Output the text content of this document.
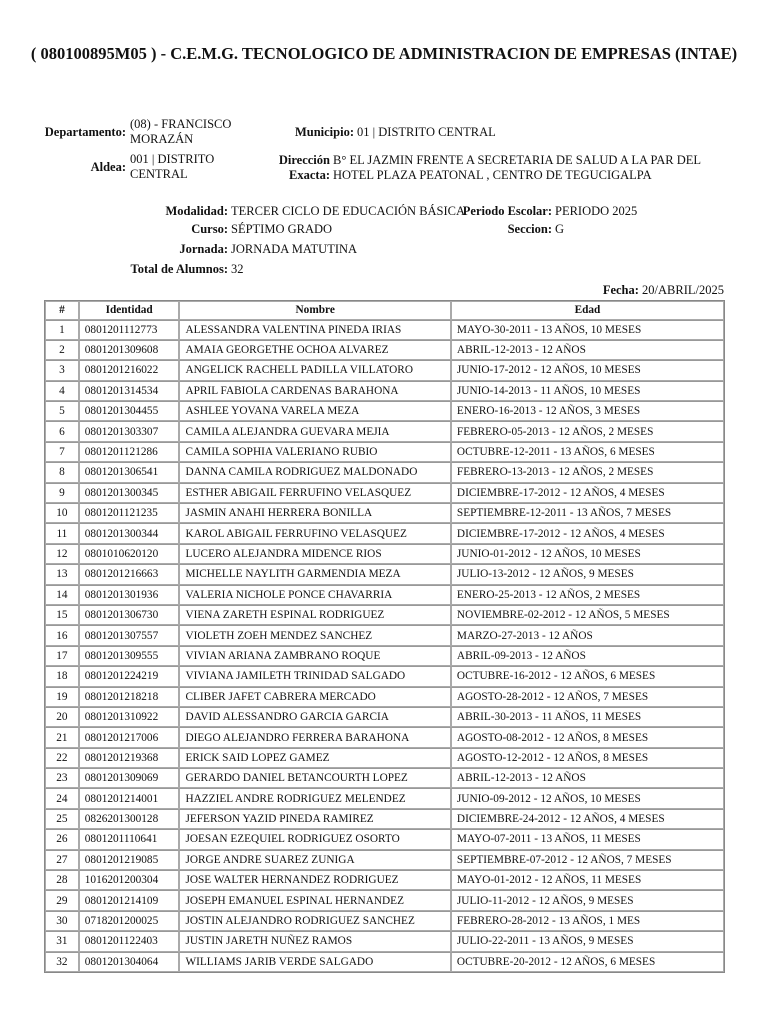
( 080100895M05 ) - C.E.M.G. TECNOLOGICO DE ADMINISTRACION DE EMPRESAS (INTAE)
Departamento:
(08) - FRANCISCO MORAZÁN	Municipio: 01 | DISTRITO CENTRAL
Aldea:
001 | DISTRITO CENTRAL
Dirección
Exacta:
B° EL JAZMIN FRENTE A SECRETARIA DE SALUD A LA PAR DEL
HOTEL PLAZA PEATONAL , CENTRO DE TEGUCIGALPA
Modalidad: TERCER CICLO DE EDUCACIÓN BÁSICA
Periodo Escolar: PERIODO 2025
Curso: SÉPTIMO GRADO	Seccion: G
Jornada: JORNADA MATUTINA
Total de Alumnos: 32
Fecha: 20/ABRIL/2025
#	Identidad	Nombre	Edad
1	0801201112773	ALESSANDRA VALENTINA PINEDA IRIAS	MAYO-30-2011 - 13 AÑOS, 10 MESES
2	0801201309608	AMAIA GEORGETHE OCHOA ALVAREZ	ABRIL-12-2013 - 12 AÑOS
3	0801201216022	ANGELICK RACHELL PADILLA VILLATORO	JUNIO-17-2012 - 12 AÑOS, 10 MESES
4	0801201314534	APRIL FABIOLA CARDENAS BARAHONA	JUNIO-14-2013 - 11 AÑOS, 10 MESES
5	0801201304455	ASHLEE YOVANA VARELA MEZA	ENERO-16-2013 - 12 AÑOS, 3 MESES
6	0801201303307	CAMILA ALEJANDRA GUEVARA MEJIA	FEBRERO-05-2013 - 12 AÑOS, 2 MESES
7	0801201121286	CAMILA SOPHIA VALERIANO RUBIO	OCTUBRE-12-2011 - 13 AÑOS, 6 MESES
8	0801201306541	DANNA CAMILA RODRIGUEZ MALDONADO	FEBRERO-13-2013 - 12 AÑOS, 2 MESES
9	0801201300345	ESTHER ABIGAIL FERRUFINO VELASQUEZ	DICIEMBRE-17-2012 - 12 AÑOS, 4 MESES
10	0801201121235	JASMIN ANAHI HERRERA BONILLA	SEPTIEMBRE-12-2011 - 13 AÑOS, 7 MESES
11	0801201300344	KAROL ABIGAIL FERRUFINO VELASQUEZ	DICIEMBRE-17-2012 - 12 AÑOS, 4 MESES
12	0801010620120	LUCERO ALEJANDRA MIDENCE RIOS	JUNIO-01-2012 - 12 AÑOS, 10 MESES
13	0801201216663	MICHELLE NAYLITH GARMENDIA MEZA	JULIO-13-2012 - 12 AÑOS, 9 MESES
14	0801201301936	VALERIA NICHOLE PONCE CHAVARRIA	ENERO-25-2013 - 12 AÑOS, 2 MESES
15	0801201306730	VIENA ZARETH ESPINAL RODRIGUEZ	NOVIEMBRE-02-2012 - 12 AÑOS, 5 MESES
16	0801201307557	VIOLETH ZOEH MENDEZ SANCHEZ	MARZO-27-2013 - 12 AÑOS
17	0801201309555	VIVIAN ARIANA ZAMBRANO ROQUE	ABRIL-09-2013 - 12 AÑOS
18	0801201224219	VIVIANA JAMILETH TRINIDAD SALGADO	OCTUBRE-16-2012 - 12 AÑOS, 6 MESES
19	0801201218218	CLIBER JAFET CABRERA MERCADO	AGOSTO-28-2012 - 12 AÑOS, 7 MESES
20	0801201310922	DAVID ALESSANDRO GARCIA GARCIA	ABRIL-30-2013 - 11 AÑOS, 11 MESES
21	0801201217006	DIEGO ALEJANDRO FERRERA BARAHONA	AGOSTO-08-2012 - 12 AÑOS, 8 MESES
22	0801201219368	ERICK SAID LOPEZ GAMEZ	AGOSTO-12-2012 - 12 AÑOS, 8 MESES
23	0801201309069	GERARDO DANIEL BETANCOURTH LOPEZ	ABRIL-12-2013 - 12 AÑOS
24	0801201214001	HAZZIEL ANDRE RODRIGUEZ MELENDEZ	JUNIO-09-2012 - 12 AÑOS, 10 MESES
25	0826201300128	JEFERSON YAZID PINEDA RAMIREZ	DICIEMBRE-24-2012 - 12 AÑOS, 4 MESES
26	0801201110641	JOESAN EZEQUIEL RODRIGUEZ OSORTO	MAYO-07-2011 - 13 AÑOS, 11 MESES
27	0801201219085	JORGE ANDRE SUAREZ ZUNIGA	SEPTIEMBRE-07-2012 - 12 AÑOS, 7 MESES
28	1016201200304	JOSE WALTER HERNANDEZ RODRIGUEZ	MAYO-01-2012 - 12 AÑOS, 11 MESES
29	0801201214109	JOSEPH EMANUEL ESPINAL HERNANDEZ	JULIO-11-2012 - 12 AÑOS, 9 MESES
30	0718201200025	JOSTIN ALEJANDRO RODRIGUEZ SANCHEZ	FEBRERO-28-2012 - 13 AÑOS, 1 MES
31	0801201122403	JUSTIN JARETH NUÑEZ RAMOS	JULIO-22-2011 - 13 AÑOS, 9 MESES
32	0801201304064	WILLIAMS JARIB VERDE SALGADO	OCTUBRE-20-2012 - 12 AÑOS, 6 MESES
